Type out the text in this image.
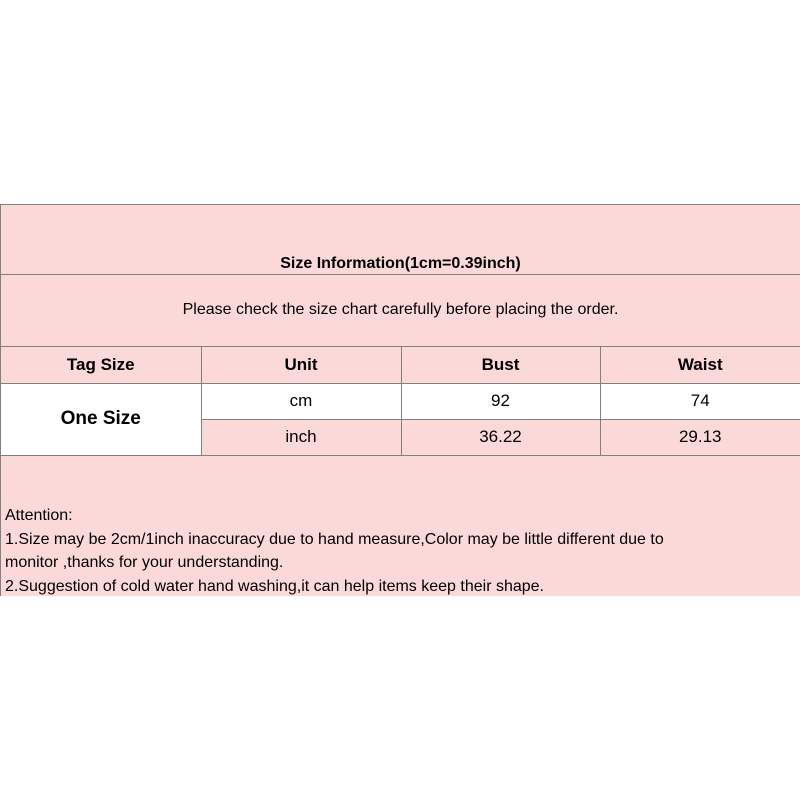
Size Information(1cm=0.39inch)
Please check the size chart carefully before placing the order.
Tag Size	Unit	Bust	Waist
One Size	cm	92	74
	inch	36.22	29.13
Attention:
1.Size may be 2cm/1inch inaccuracy due to hand measure,Color may be little different due to
monitor ,thanks for your understanding.
2.Suggestion of cold water hand washing,it can help items keep their shape.
